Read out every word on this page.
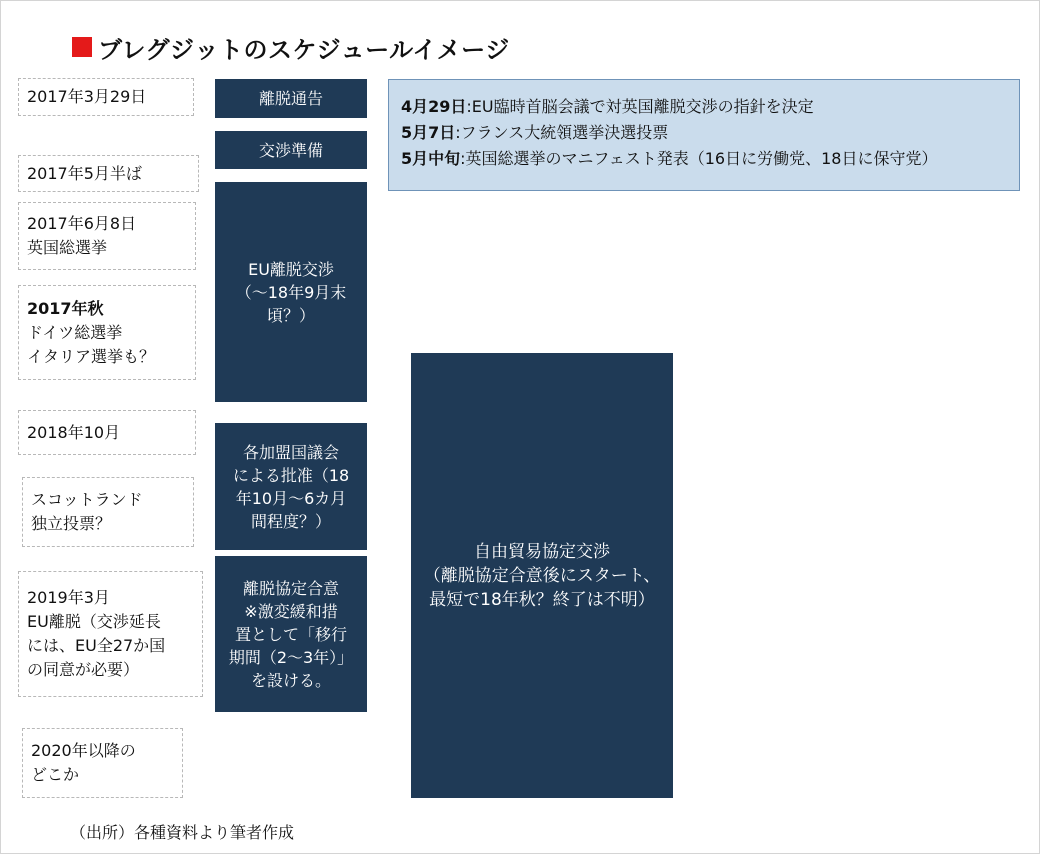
ブレグジットのスケジュールイメージ
2017年3月29日
2017年5月半ば
2017年6月8日
英国総選挙
2017年秋
ドイツ総選挙
イタリア選挙も？
2018年10月
スコットランド
独立投票？
2019年3月
EU離脱（交渉延長
には、EU全27か国
の同意が必要）
2020年以降の
どこか
離脱通告
交渉準備
EU離脱交渉
（～18年9月末
頃？）
各加盟国議会
による批准（18
年10月～6カ月
間程度？）
離脱協定合意
※激変緩和措
置として「移行
期間（2～3年）」
を設ける。
自由貿易協定交渉
（離脱協定合意後にスタート、
最短で18年秋？終了は不明）
4月29日:EU臨時首脳会議で対英国離脱交渉の指針を決定
5月7日:フランス大統領選挙決選投票
5月中旬:英国総選挙のマニフェスト発表（16日に労働党、18日に保守党）
（出所）各種資料より筆者作成
